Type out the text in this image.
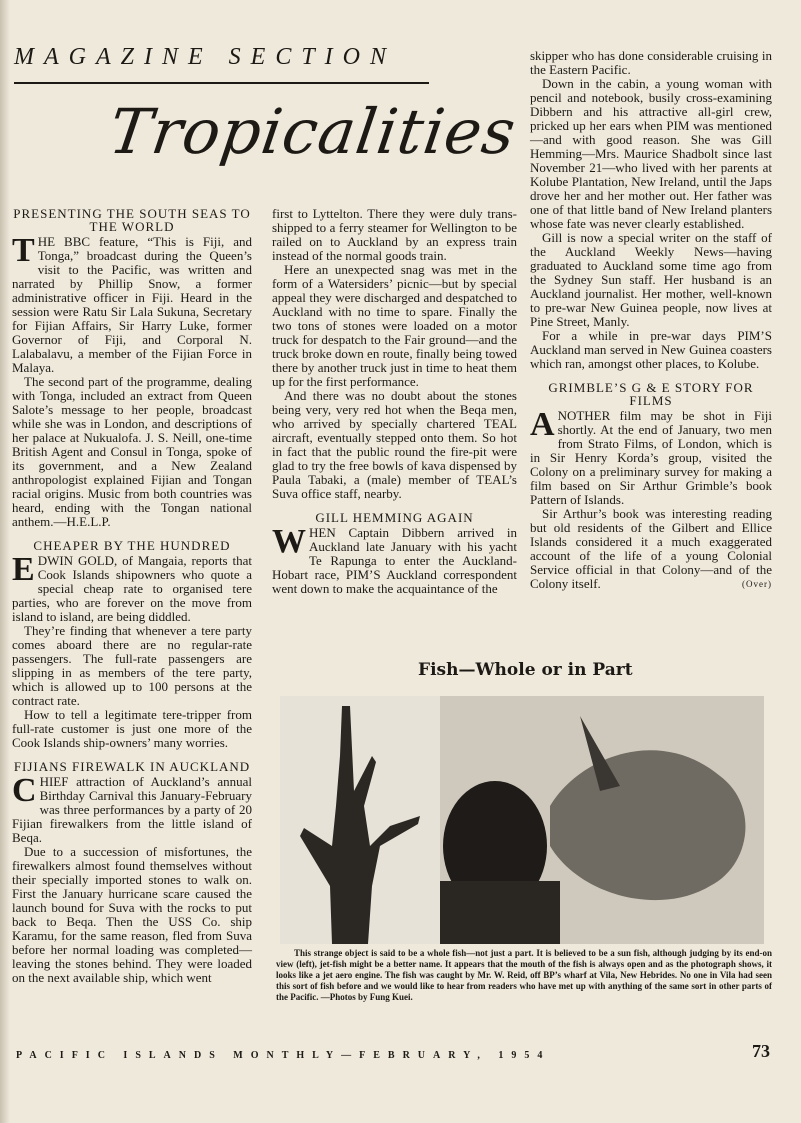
MAGAZINE SECTION
Tropicalities
PRESENTING THE SOUTH SEAS TO THE WORLD

THE BBC feature, “This is Fiji, and Tonga,” broadcast during the Queen’s visit to the Pacific, was written and narrated by Phillip Snow, a former administrative officer in Fiji. Heard in the session were Ratu Sir Lala Sukuna, Secretary for Fijian Affairs, Sir Harry Luke, former Governor of Fiji, and Corporal N. Lalabalavu, a member of the Fijian Force in Malaya.

The second part of the programme, dealing with Tonga, included an extract from Queen Salote’s message to her people, broadcast while she was in London, and descriptions of her palace at Nukualofa. J. S. Neill, one-time British Agent and Consul in Tonga, spoke of its government, and a New Zealand anthropologist explained Fijian and Tongan racial origins. Music from both countries was heard, ending with the Tongan national anthem.—H.E.L.P.

CHEAPER BY THE HUNDRED

EDWIN GOLD, of Mangaia, reports that Cook Islands shipowners who quote a special cheap rate to organised tere parties, who are forever on the move from island to island, are being diddled.

They’re finding that whenever a tere party comes aboard there are no regular-rate passengers. The full-rate passengers are slipping in as members of the tere party, which is allowed up to 100 persons at the contract rate.

How to tell a legitimate tere-tripper from full-rate customer is just one more of the Cook Islands ship-owners’ many worries.

FIJIANS FIREWALK IN AUCKLAND

CHIEF attraction of Auckland’s annual Birthday Carnival this January-February was three performances by a party of 20 Fijian firewalkers from the little island of Beqa.

Due to a succession of misfortunes, the firewalkers almost found themselves without their specially imported stones to walk on. First the January hurricane scare caused the launch bound for Suva with the rocks to put back to Beqa. Then the USS Co. ship Karamu, for the same reason, fled from Suva before her normal loading was completed—leaving the stones behind. They were loaded on the next available ship, which went

first to Lyttelton. There they were duly trans-shipped to a ferry steamer for Wellington to be railed on to Auckland by an express train instead of the normal goods train.

Here an unexpected snag was met in the form of a Watersiders’ picnic—but by special appeal they were discharged and despatched to Auckland with no time to spare. Finally the two tons of stones were loaded on a motor truck for despatch to the Fair ground—and the truck broke down en route, finally being towed there by another truck just in time to heat them up for the first performance.

And there was no doubt about the stones being very, very red hot when the Beqa men, who arrived by specially chartered TEAL aircraft, eventually stepped onto them. So hot in fact that the public round the fire-pit were glad to try the free bowls of kava dispensed by Paula Tabaki, a (male) member of TEAL’s Suva office staff, nearby.

GILL HEMMING AGAIN

WHEN Captain Dibbern arrived in Auckland late January with his yacht Te Rapunga to enter the Auckland-Hobart race, PIM’S Auckland correspondent went down to make the acquaintance of the

skipper who has done considerable cruising in the Eastern Pacific.

Down in the cabin, a young woman with pencil and notebook, busily cross-examining Dibbern and his attractive all-girl crew, pricked up her ears when PIM was mentioned—and with good reason. She was Gill Hemming—Mrs. Maurice Shadbolt since last November 21—who lived with her parents at Kolube Plantation, New Ireland, until the Japs drove her and her mother out. Her father was one of that little band of New Ireland planters whose fate was never clearly established.

Gill is now a special writer on the staff of the Auckland Weekly News—having graduated to Auckland some time ago from the Sydney Sun staff. Her husband is an Auckland journalist. Her mother, well-known to pre-war New Guinea people, now lives at Pine Street, Manly.

For a while in pre-war days PIM’S Auckland man served in New Guinea coasters which ran, amongst other places, to Kolube.

GRIMBLE’S G & E STORY FOR FILMS

ANOTHER film may be shot in Fiji shortly. At the end of January, two men from Strato Films, of London, which is in Sir Henry Korda’s group, visited the Colony on a preliminary survey for making a film based on Sir Arthur Grimble’s book Pattern of Islands.

Sir Arthur’s book was interesting reading but old residents of the Gilbert and Ellice Islands considered it a much exaggerated account of the life of a young Colonial Service official in that Colony—and of the Colony itself.	(Over)

Fish—Whole or in Part

This strange object is said to be a whole fish—not just a part. It is believed to be a sun fish, although judging by its end-on view (left), jet-fish might be a better name. It appears that the mouth of the fish is always open and as the photograph shows, it looks like a jet aero engine. The fish was caught by Mr. W. Reid, off BP’s wharf at Vila, New Hebrides. No one in Vila had seen this sort of fish before and we would like to hear from readers who have met up with anything of the same sort in other parts of the Pacific. —Photos by Fung Kuei.

PACIFIC ISLANDS MONTHLY—FEBRUARY, 1954	73
